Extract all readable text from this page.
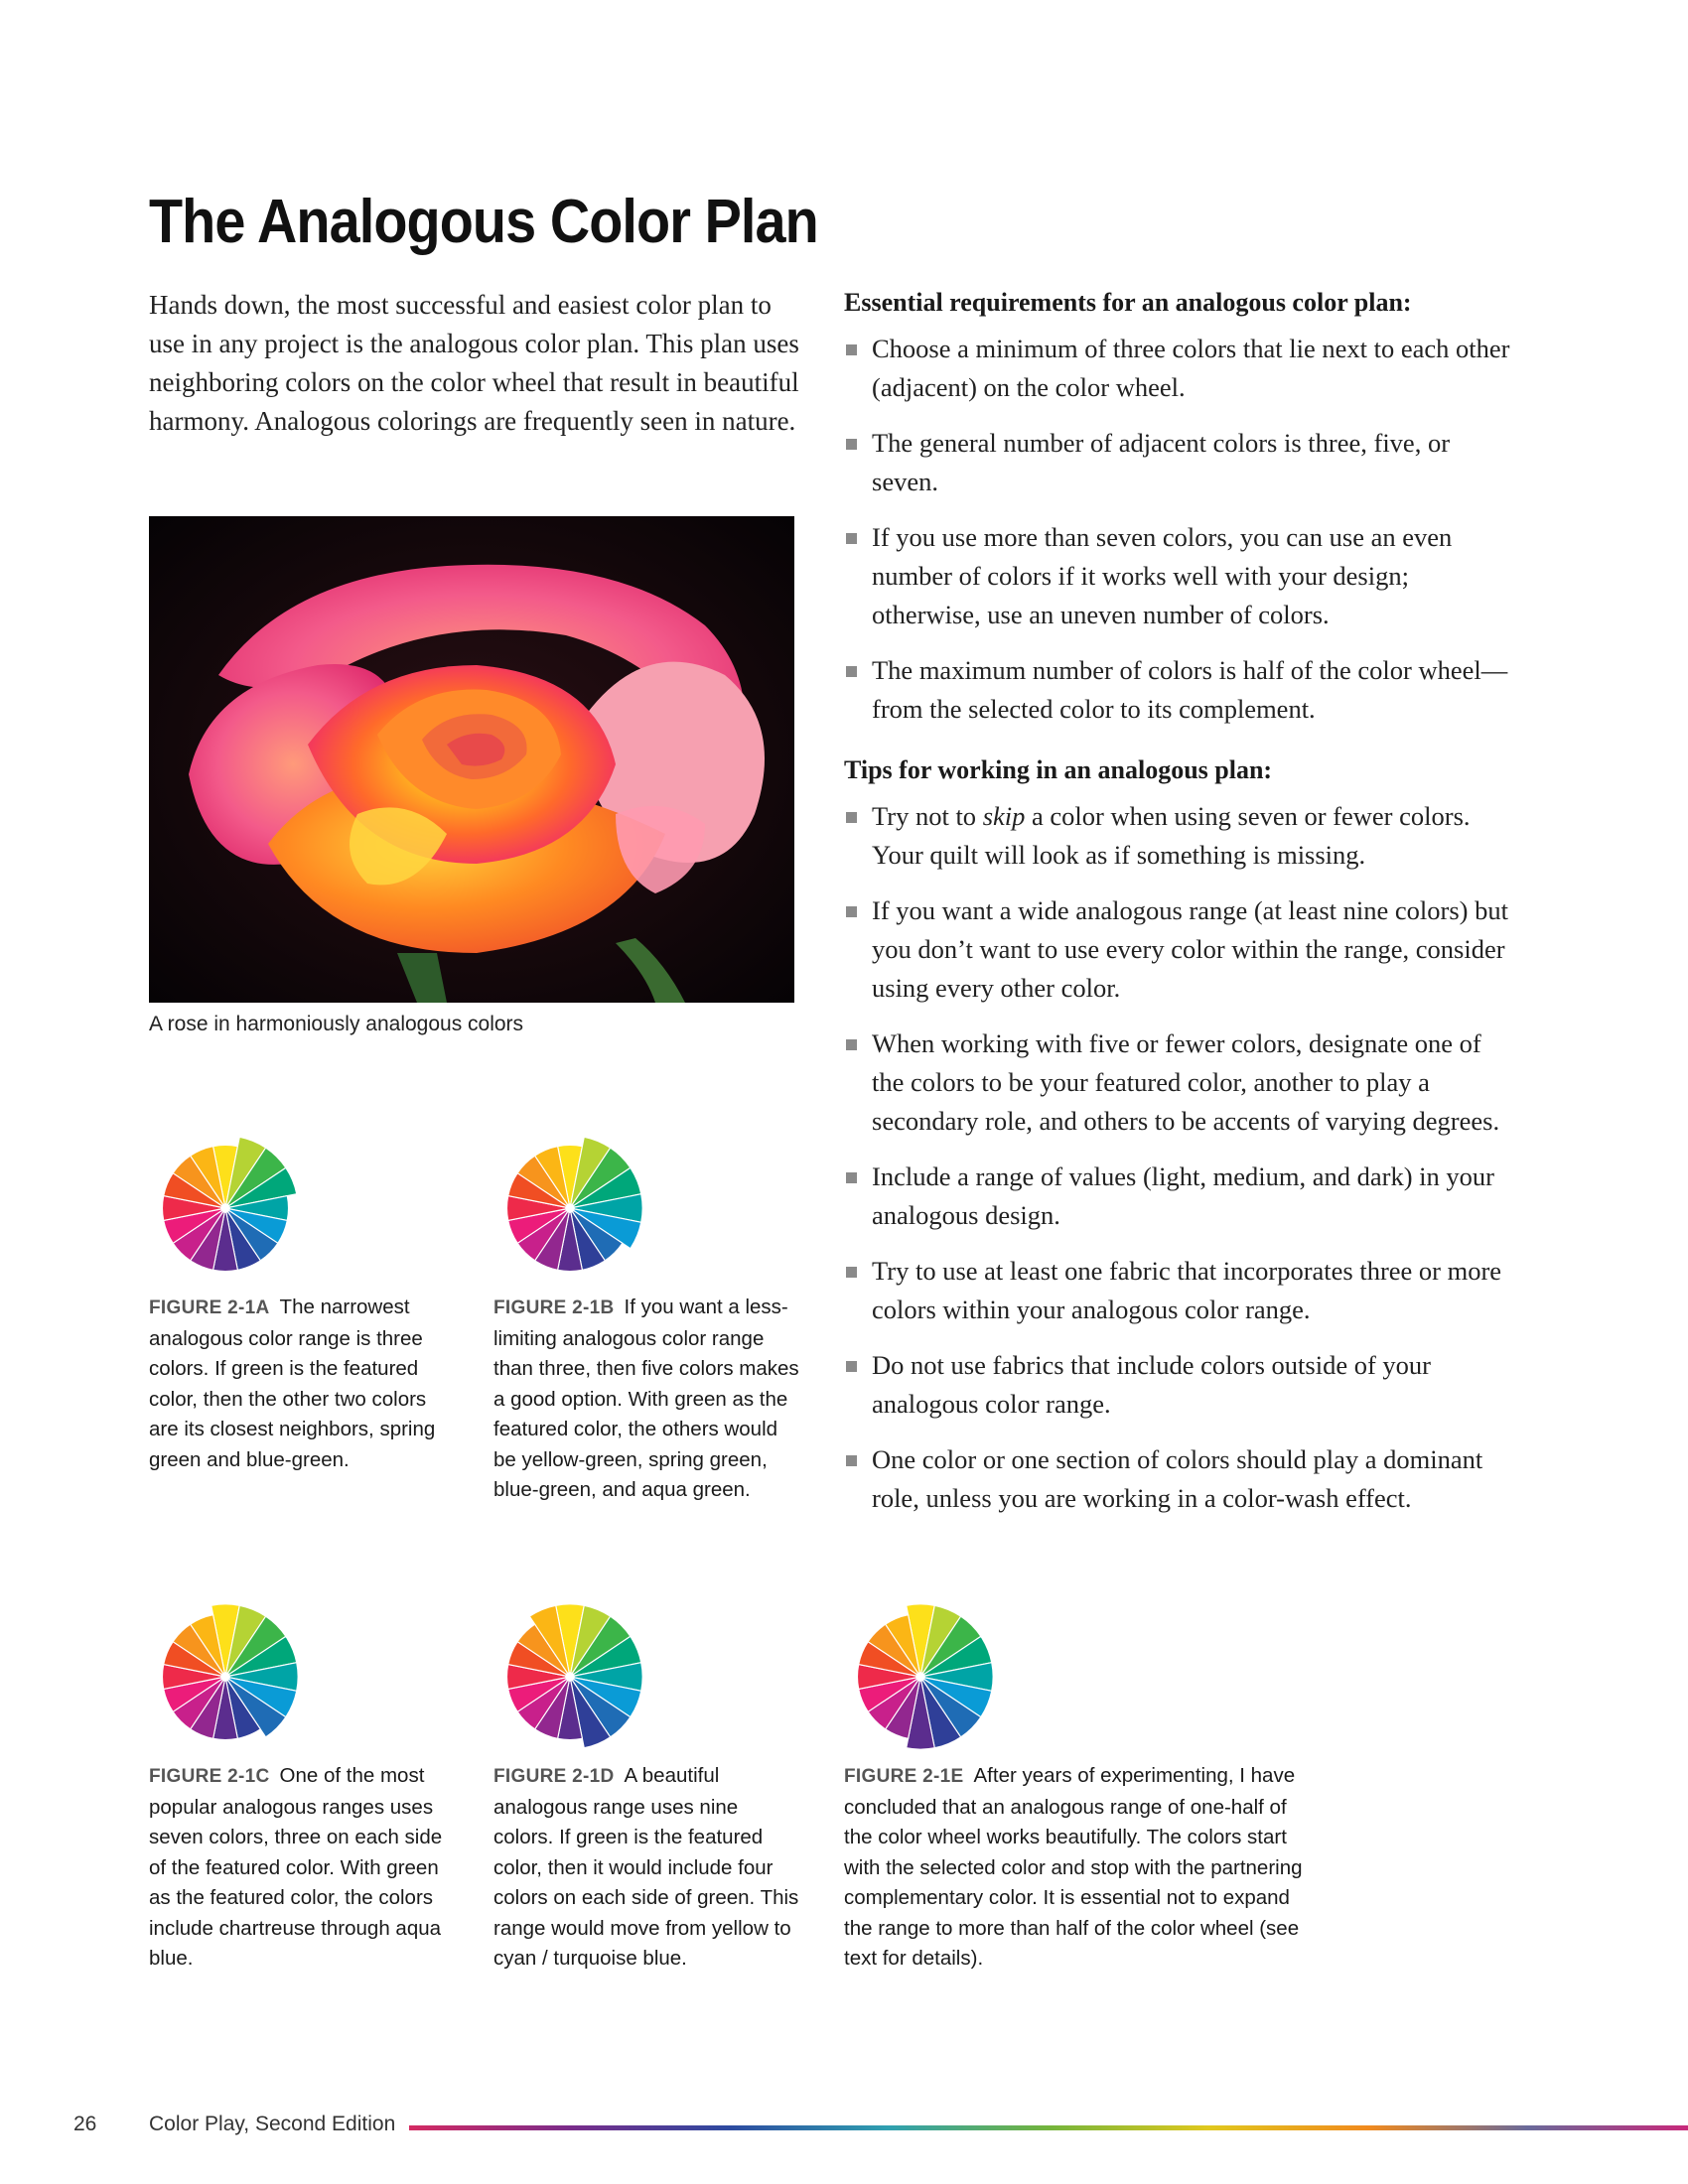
The Analogous Color Plan

Hands down, the most successful and easiest color plan to use in any project is the analogous color plan. This plan uses neighboring colors on the color wheel that result in beautiful harmony. Analogous colorings are frequently seen in nature.

A rose in harmoniously analogous colors

Essential requirements for an analogous color plan:
Choose a minimum of three colors that lie next to each other (adjacent) on the color wheel.
The general number of adjacent colors is three, five, or seven.
If you use more than seven colors, you can use an even number of colors if it works well with your design; otherwise, use an uneven number of colors.
The maximum number of colors is half of the color wheel—from the selected color to its complement.
Tips for working in an analogous plan:
Try not to skip a color when using seven or fewer colors. Your quilt will look as if something is missing.
If you want a wide analogous range (at least nine colors) but you don’t want to use every color within the range, consider using every other color.
When working with five or fewer colors, designate one of the colors to be your featured color, another to play a secondary role, and others to be accents of varying degrees.
Include a range of values (light, medium, and dark) in your analogous design.
Try to use at least one fabric that incorporates three or more colors within your analogous color range.
Do not use fabrics that include colors outside of your analogous color range.
One color or one section of colors should play a dominant role, unless you are working in a color-wash effect.

FIGURE 2-1A The narrowest analogous color range is three colors. If green is the featured color, then the other two colors are its closest neighbors, spring green and blue-green.

FIGURE 2-1B If you want a less-limiting analogous color range than three, then five colors makes a good option. With green as the featured color, the others would be yellow-green, spring green, blue-green, and aqua green.

FIGURE 2-1C One of the most popular analogous ranges uses seven colors, three on each side of the featured color. With green as the featured color, the colors include chartreuse through aqua blue.

FIGURE 2-1D A beautiful analogous range uses nine colors. If green is the featured color, then it would include four colors on each side of green. This range would move from yellow to cyan / turquoise blue.

FIGURE 2-1E After years of experimenting, I have concluded that an analogous range of one-half of the color wheel works beautifully. The colors start with the selected color and stop with the partnering complementary color. It is essential not to expand the range to more than half of the color wheel (see text for details).

26	Color Play, Second Edition
